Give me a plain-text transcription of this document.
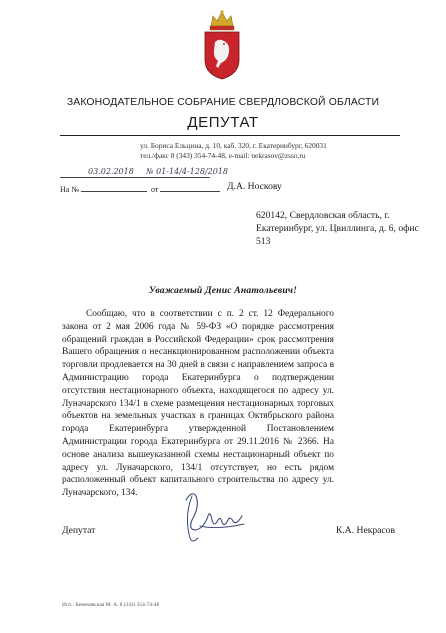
ЗАКОНОДАТЕЛЬНОЕ СОБРАНИЕ СВЕРДЛОВСКОЙ ОБЛАСТИ
ДЕПУТАТ
ул. Бориса Ельцина, д. 10, каб. 320, г. Екатеринбург, 620031
тел./факс 8 (343) 354-74-48, e-mail: nekrasov@zsso.ru
03.02.2018 № 01-14/4-128/2018
На №	от	Д.А. Носкову
620142, Свердловская область, г. Екатеринбург, ул. Цвиллинга, д. 6, офис 513
Уважаемый Денис Анатольевич!
Сообщаю, что в соответствии с п. 2 ст. 12 Федерального закона от 2 мая 2006 года № 59-ФЗ «О порядке рассмотрения обращений граждан в Российской Федерации» срок рассмотрения Вашего обращения о несанкционированном расположении объекта торговли продлевается на 30 дней в связи с направлением запроса в Администрацию города Екатеринбурга о подтверждении отсутствия нестационарного объекта, находящегося по адресу ул. Луначарского 134/1 в схеме размещения нестационарных торговых объектов на земельных участках в границах Октябрьского района города Екатеринбурга утвержденной Постановлением Администрации города Екатеринбурга от 29.11.2016 № 2366. На основе анализа вышеуказанной схемы нестационарный объект по адресу ул. Луначарского, 134/1 отсутствует, но есть рядом расположенный объект капитального строительства по адресу ул. Луначарского, 134.
Депутат	К.А. Некрасов
Исп.: Кемечевская М. А. 8 (343) 354-74-48
